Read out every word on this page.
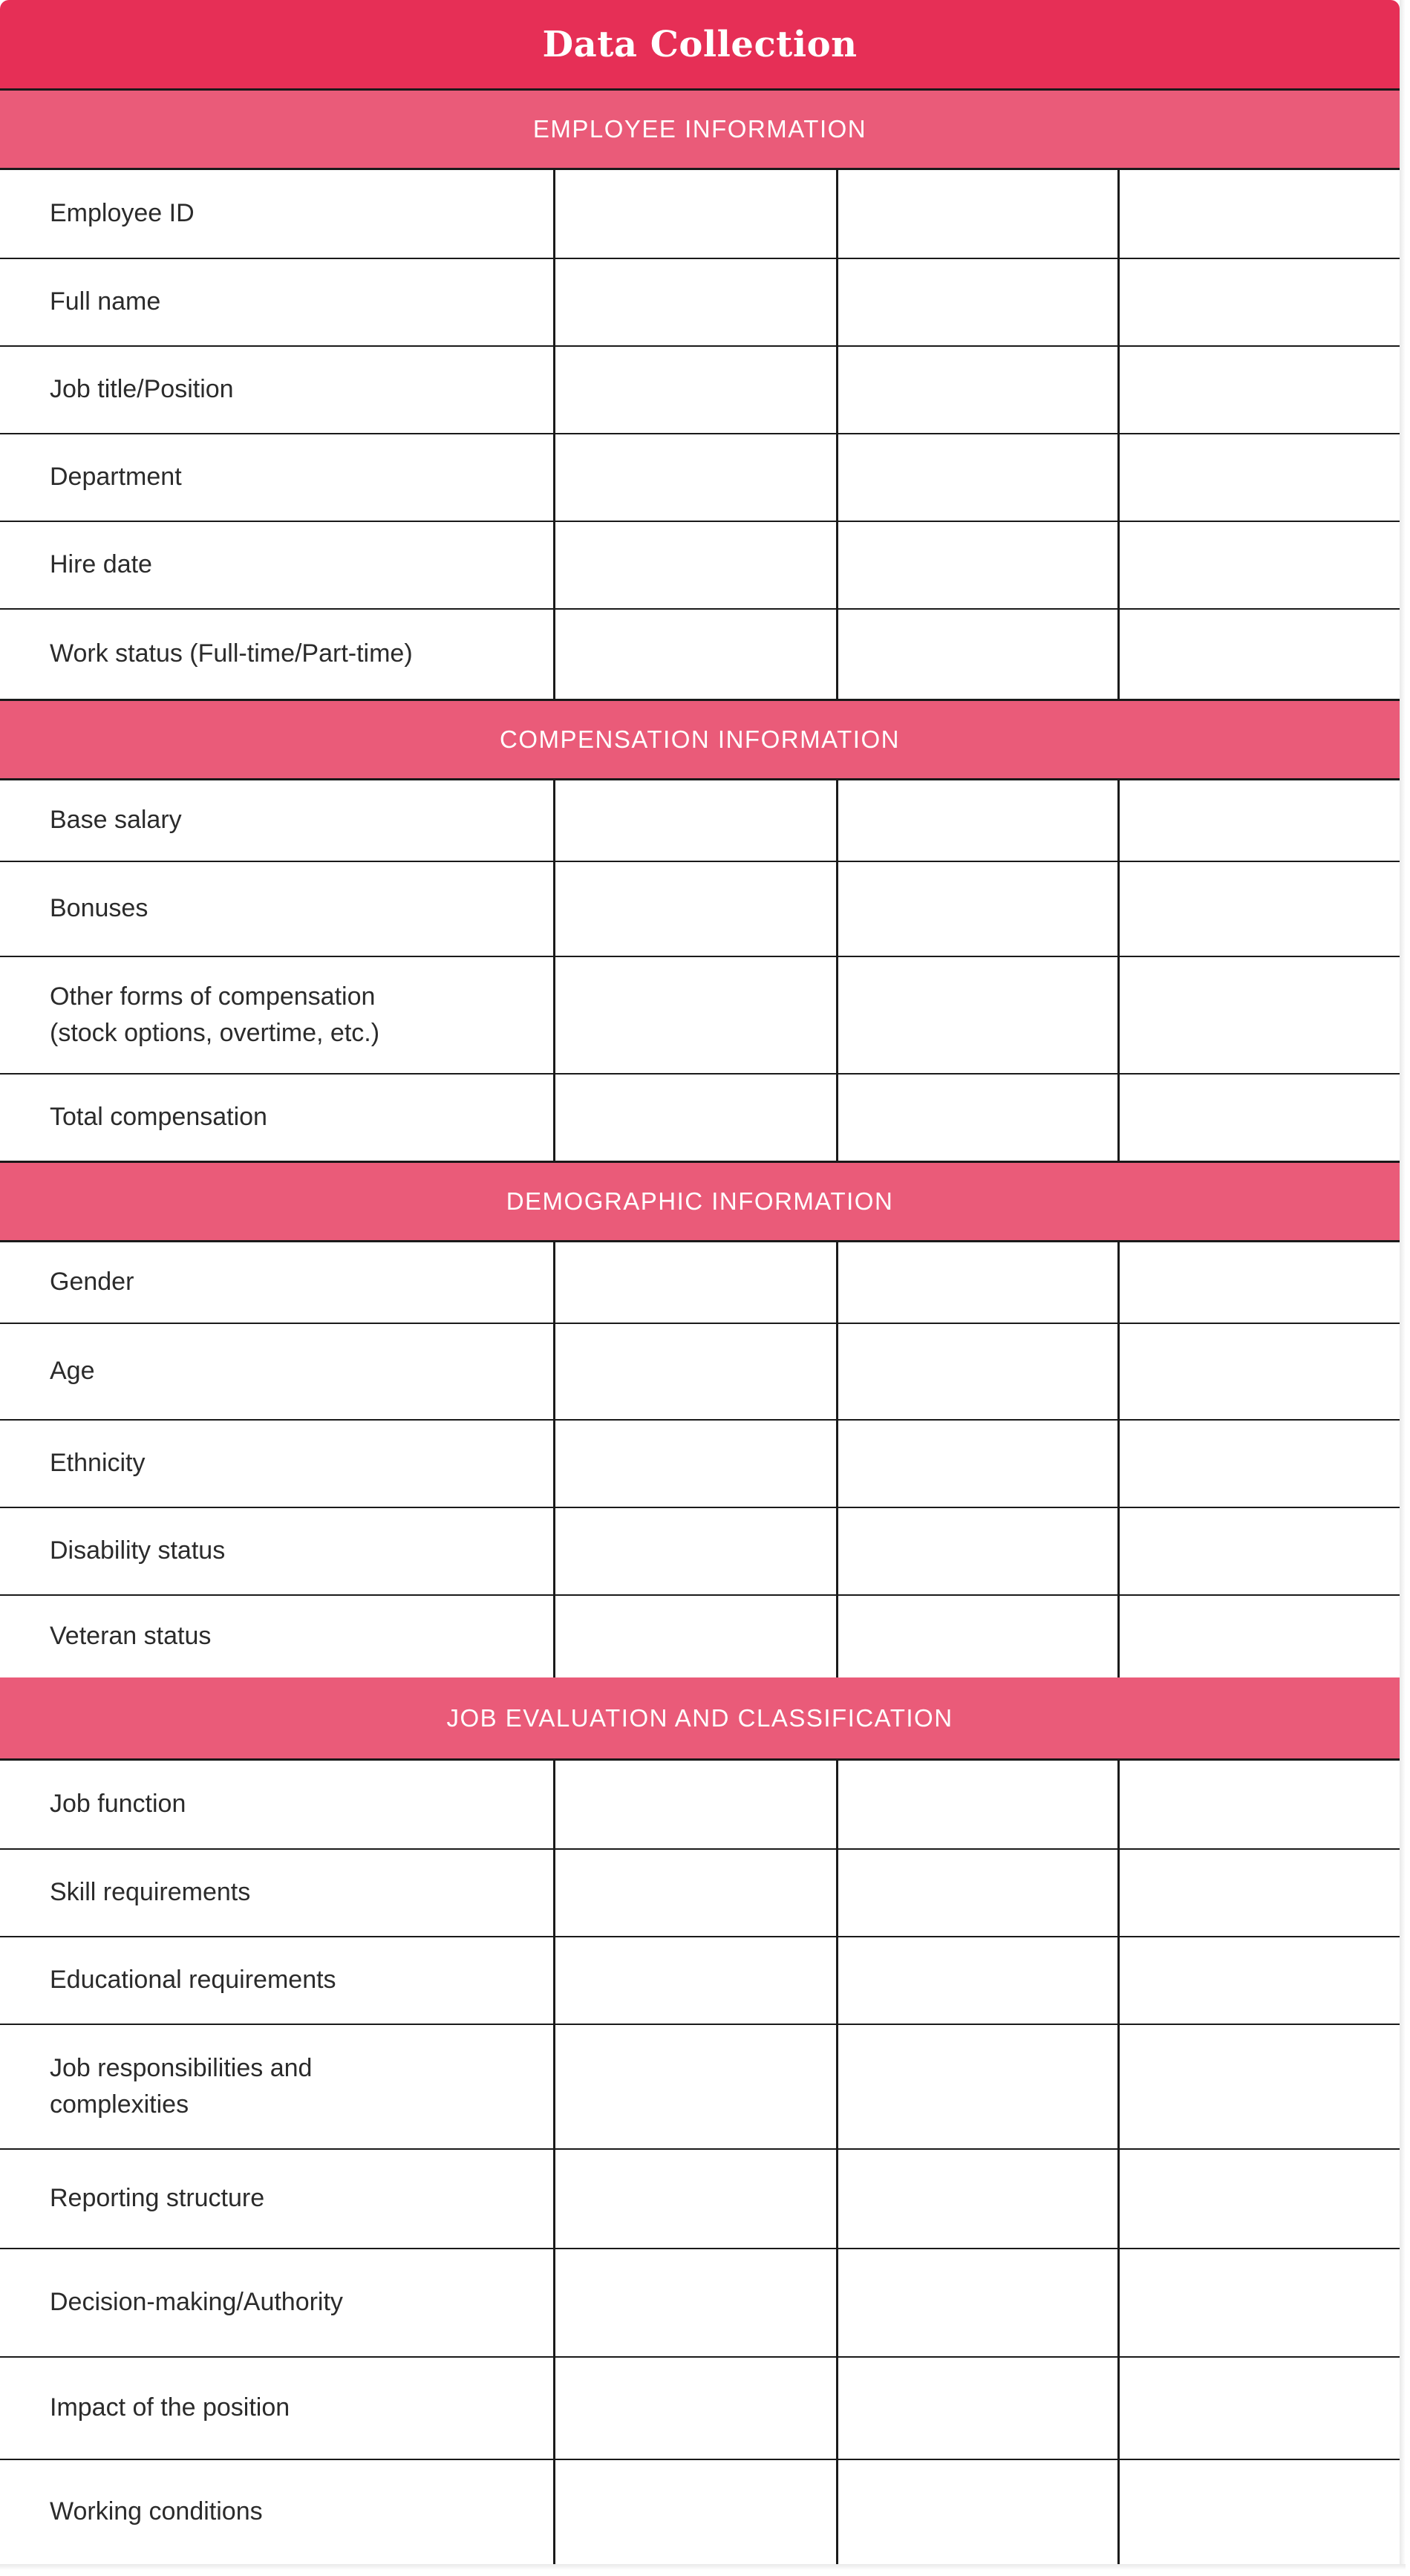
Data Collection
EMPLOYEE INFORMATION
Employee ID
Full name
Job title/Position
Department
Hire date
Work status (Full-time/Part-time)
COMPENSATION INFORMATION
Base salary
Bonuses
Other forms of compensation
(stock options, overtime, etc.)
Total compensation
DEMOGRAPHIC INFORMATION
Gender
Age
Ethnicity
Disability status
Veteran status
JOB EVALUATION AND CLASSIFICATION
Job function
Skill requirements
Educational requirements
Job responsibilities and
complexities
Reporting structure
Decision-making/Authority
Impact of the position
Working conditions
